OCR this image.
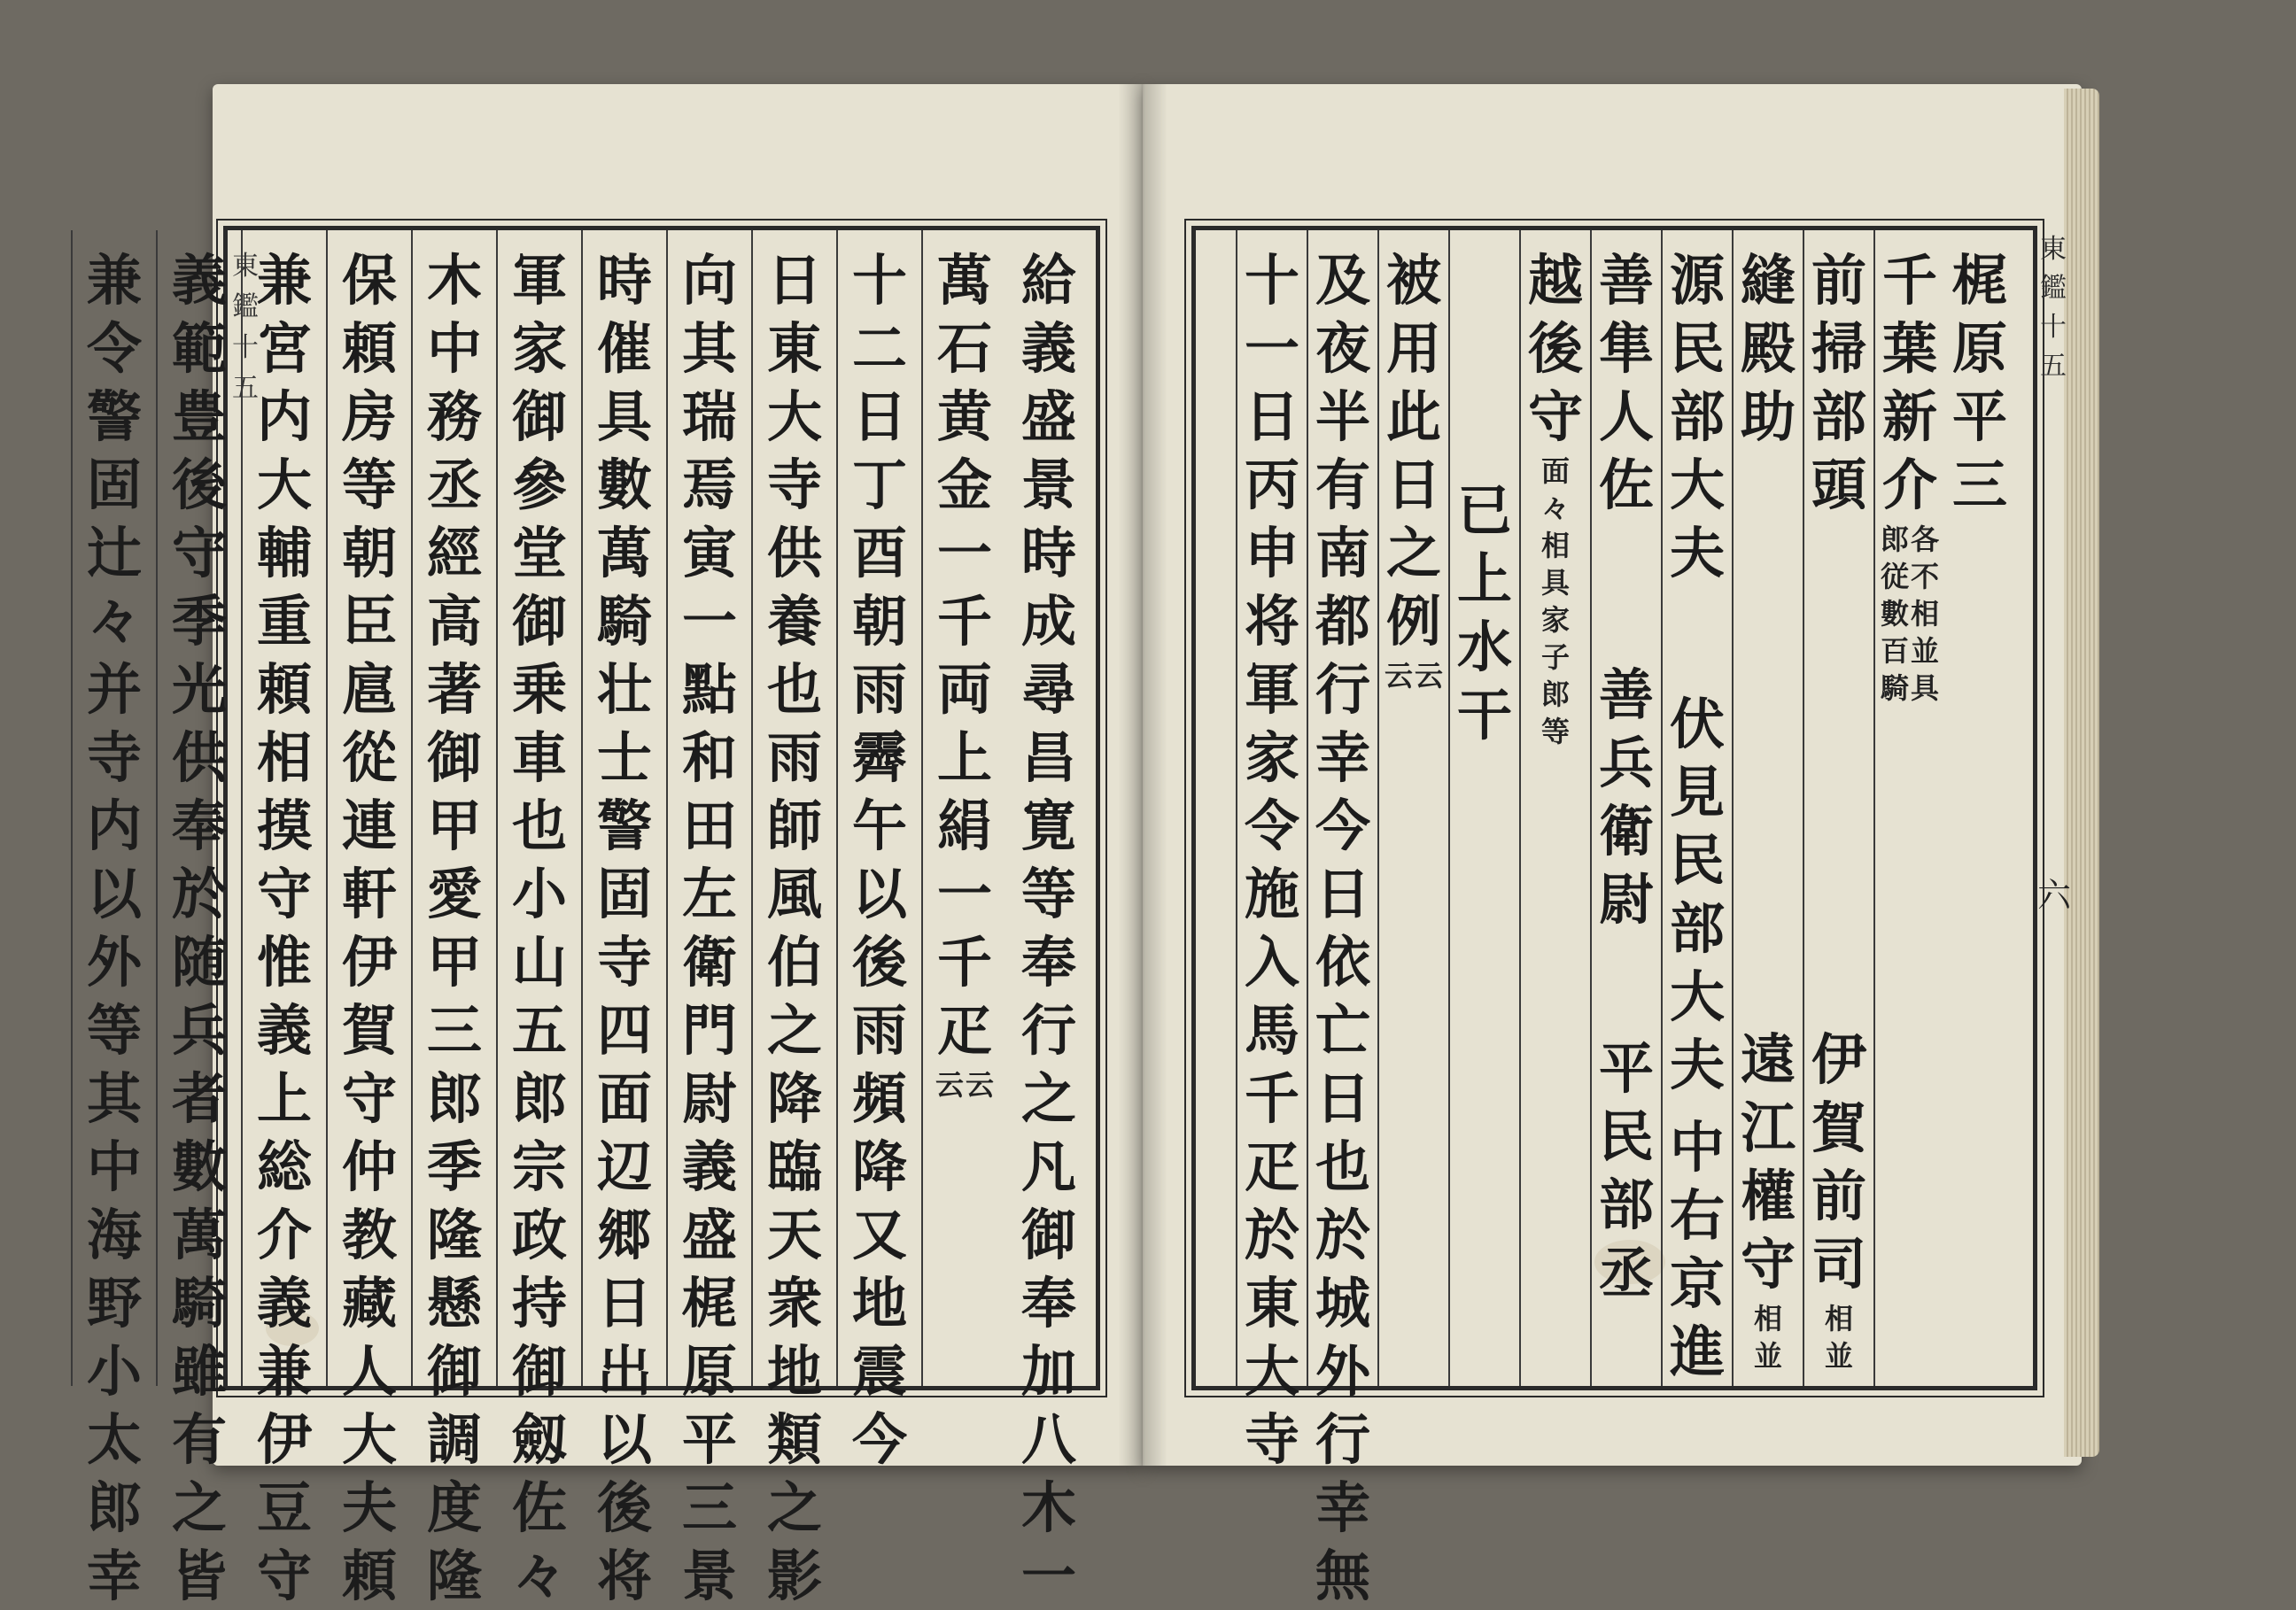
給
義
盛
景
時
成
尋
昌
寛
等
奉
行
之
凡
御
奉
加
八
木
一
萬
石
黄
金
一
千
両
上
絹
一
千
疋
云
云
十
二
日
丁
酉
朝
雨
霽
午
以
後
雨
頻
降
又
地
震
今
日
東
大
寺
供
養
也
雨
師
風
伯
之
降
臨
天
衆
地
類
之
影
向
其
瑞
焉
寅
一
點
和
田
左
衛
門
尉
義
盛
梶
原
平
三
景
時
催
具
數
萬
騎
壮
士
警
固
寺
四
面
辺
郷
日
出
以
後
将
軍
家
御
參
堂
御
乗
車
也
小
山
五
郎
宗
政
持
御
劔
佐
々
木
中
務
丞
經
高
著
御
甲
愛
甲
三
郎
季
隆
懸
御
調
度
隆
保
頼
房
等
朝
臣
扈
從
連
軒
伊
賀
守
仲
教
藏
人
大
夫
頼
兼
宮
内
大
輔
重
頼
相
摸
守
惟
義
上
総
介
義
兼
伊
豆
守
義
範
豊
後
守
季
光
供
奉
於
随
兵
者
數
萬
騎
雖
有
之
皆
兼
令
警
固
辻
々
并
寺
内
以
外
等
其
中
海
野
小
太
郎
幸
東
鑑
十
五
梶
原
平
三
千
葉
新
介
各
不
相
並
具
郎
従
數
百
騎
前
掃
部
頭
伊
賀
前
司
相
並
縫
殿
助
遠
江
權
守
相
並
源
民
部
大
夫
伏
見
民
部
大
夫
中
右
京
進
善
隼
人
佐
善
兵
衛
尉
平
民
部
丞
越
後
守
面
々
相
具
家
子
郎
等
已
上
水
干
被
用
此
日
之
例
云
云
及
夜
半
有
南
都
行
幸
今
日
依
亡
日
也
於
城
外
行
幸
無
十
一
日
丙
申
将
軍
家
令
施
入
馬
千
疋
於
東
大
寺
東
鑑
十
五
六
